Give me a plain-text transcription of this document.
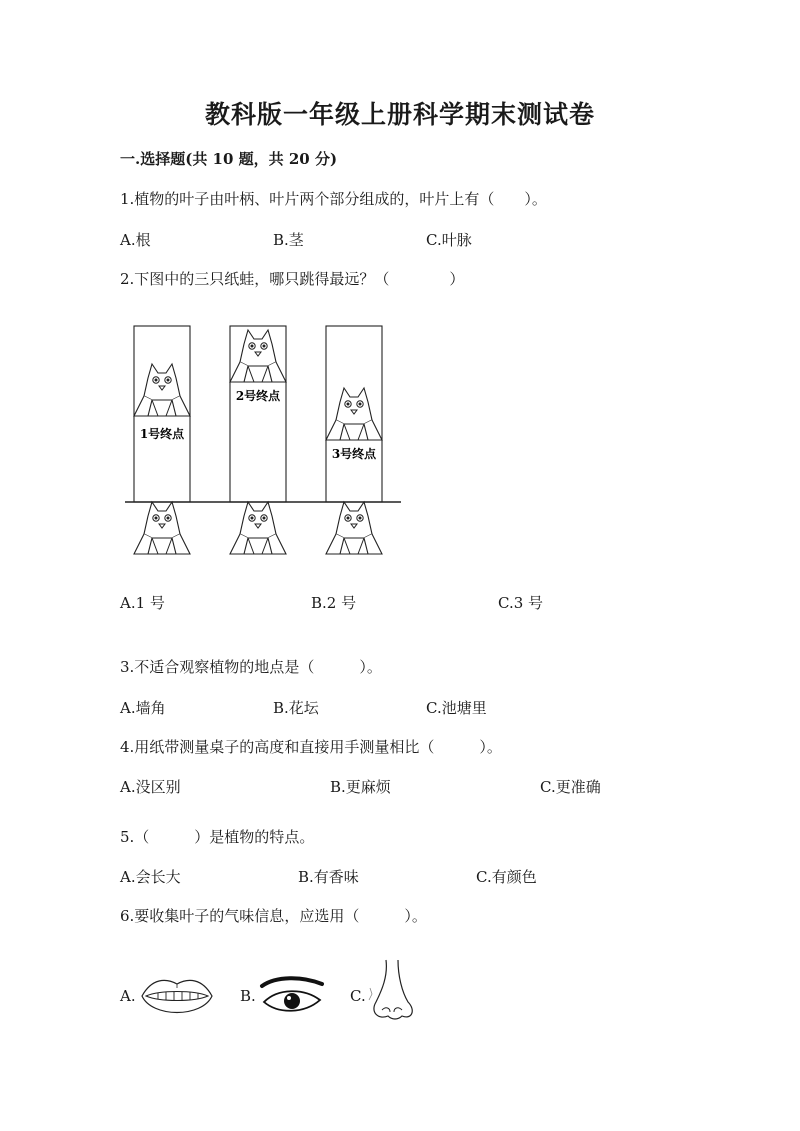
教科版一年级上册科学期末测试卷
一.选择题(共 10 题，共 20 分)
1.植物的叶子由叶柄、叶片两个部分组成的，叶片上有（　　）。
A.根	B.茎	C.叶脉
2.下图中的三只纸蛙，哪只跳得最远？（　　　　）
1号终点
2号终点
3号终点
A.1 号	B.2 号	C.3 号
3.不适合观察植物的地点是（　　　）。
A.墙角	B.花坛	C.池塘里
4.用纸带测量桌子的高度和直接用手测量相比（　　　）。
A.没区别	B.更麻烦	C.更准确
5.（　　　）是植物的特点。
A.会长大	B.有香味	C.有颜色
6.要收集叶子的气味信息，应选用（　　　）。
A.	B.	C.
